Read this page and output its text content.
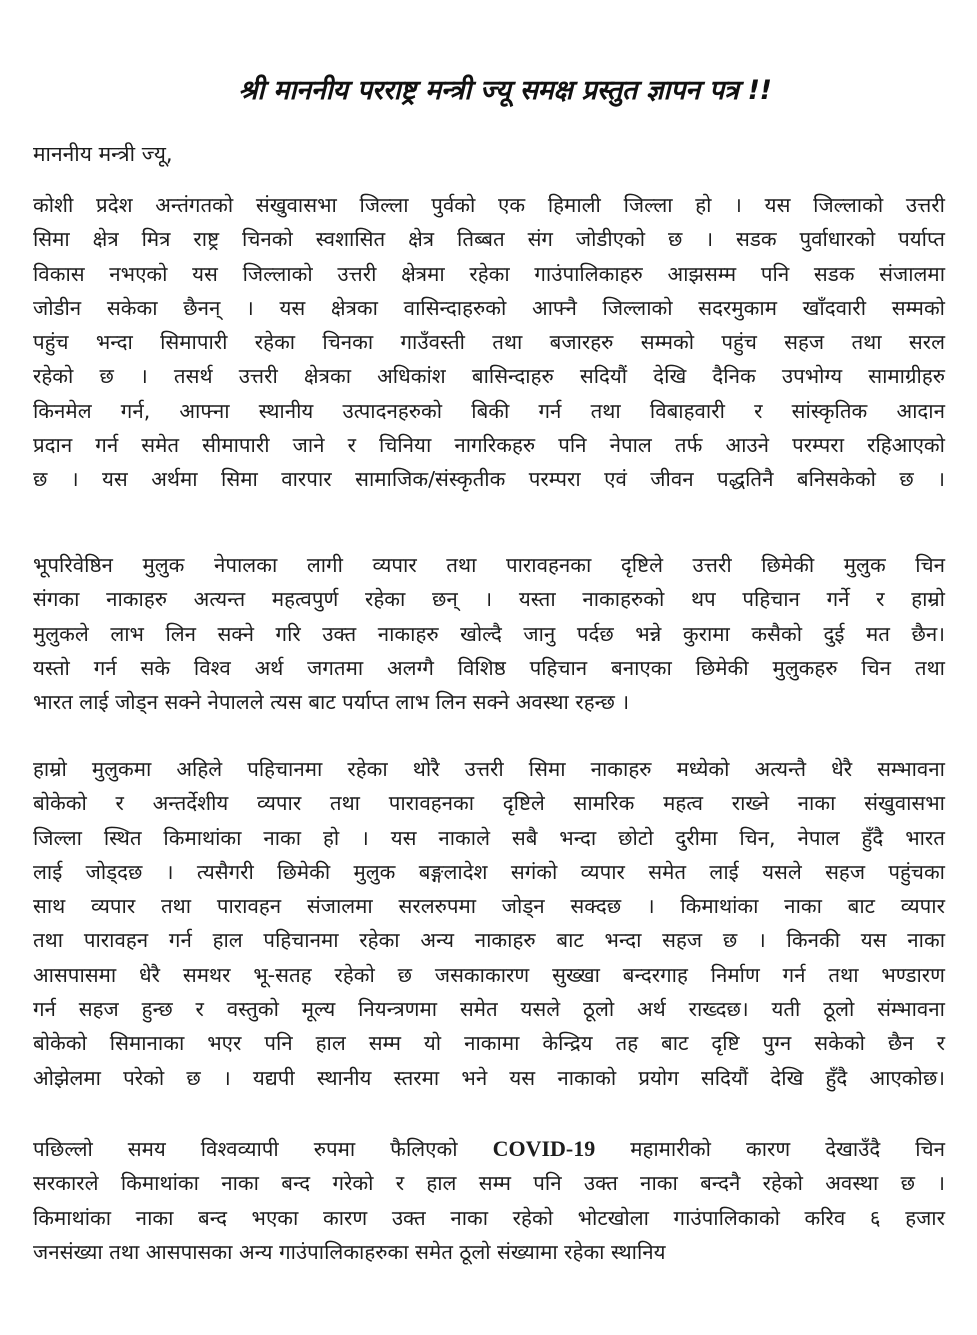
श्री माननीय परराष्ट्र मन्त्री ज्यू समक्ष प्रस्तुत ज्ञापन पत्र !!
माननीय मन्त्री ज्यू,
कोशी प्रदेश अन्तंगतको संखुवासभा जिल्ला पुर्वको एक हिमाली जिल्ला हो । यस जिल्लाको उत्तरी
सिमा क्षेत्र मित्र राष्ट्र चिनको स्वशासित क्षेत्र तिब्बत संग जोडीएको छ । सडक पुर्वाधारको पर्याप्त
विकास नभएको यस जिल्लाको उत्तरी क्षेत्रमा रहेका गाउंपालिकाहरु आझसम्म पनि सडक संजालमा
जोडीन सकेका छैनन् । यस क्षेत्रका वासिन्दाहरुको आफ्नै जिल्लाको सदरमुकाम खाँदवारी सम्मको
पहुंच भन्दा सिमापारी रहेका चिनका गाउँवस्ती तथा बजारहरु सम्मको पहुंच सहज तथा सरल
रहेको छ । तसर्थ उत्तरी क्षेत्रका अधिकांश बासिन्दाहरु सदियौं देखि दैनिक उपभोग्य सामाग्रीहरु
किनमेल गर्न, आफ्ना स्थानीय उत्पादनहरुको बिकी गर्न तथा विबाहवारी र सांस्कृतिक आदान
प्रदान गर्न समेत सीमापारी जाने र चिनिया नागरिकहरु पनि नेपाल तर्फ आउने परम्परा रहिआएको
छ । यस अर्थमा सिमा वारपार सामाजिक/संस्कृतीक परम्परा एवं जीवन पद्धतिनै बनिसकेको छ ।
भूपरिवेष्ठिन मुलुक नेपालका लागी व्यपार तथा पारावहनका दृष्टिले उत्तरी छिमेकी मुलुक चिन
संगका नाकाहरु अत्यन्त महत्वपुर्ण रहेका छन् । यस्ता नाकाहरुको थप पहिचान गर्ने र हाम्रो
मुलुकले लाभ लिन सक्ने गरि उक्त नाकाहरु खोल्दै जानु पर्दछ भन्ने कुरामा कसैको दुई मत छैन।
यस्तो गर्न सके विश्व अर्थ जगतमा अलग्गै विशिष्ठ पहिचान बनाएका छिमेकी मुलुकहरु चिन तथा
भारत लाई जोड्न सक्ने नेपालले त्यस बाट पर्याप्त लाभ लिन सक्ने अवस्था रहन्छ ।
हाम्रो मुलुकमा अहिले पहिचानमा रहेका थोरै उत्तरी सिमा नाकाहरु मध्येको अत्यन्तै धेरै सम्भावना
बोकेको र अन्तर्देशीय व्यपार तथा पारावहनका दृष्टिले सामरिक महत्व राख्ने नाका संखुवासभा
जिल्ला स्थित किमाथांका नाका हो । यस नाकाले सबै भन्दा छोटो दुरीमा चिन, नेपाल हुँदै भारत
लाई जोड्दछ । त्यसैगरी छिमेकी मुलुक बङ्गलादेश सगंको व्यपार समेत लाई यसले सहज पहुंचका
साथ व्यपार तथा पारावहन संजालमा सरलरुपमा जोड्न सक्दछ । किमाथांका नाका बाट व्यपार
तथा पारावहन गर्न हाल पहिचानमा रहेका अन्य नाकाहरु बाट भन्दा सहज छ । किनकी यस नाका
आसपासमा धेरै समथर भू-सतह रहेको छ जसकाकारण सुख्खा बन्दरगाह निर्माण गर्न तथा भण्डारण
गर्न सहज हुन्छ र वस्तुको मूल्य नियन्त्रणमा समेत यसले ठूलो अर्थ राख्दछ। यती ठूलो संम्भावना
बोकेको सिमानाका भएर पनि हाल सम्म यो नाकामा केन्द्रिय तह बाट दृष्टि पुग्न सकेको छैन र
ओझेलमा परेको छ । यद्यपी स्थानीय स्तरमा भने यस नाकाको प्रयोग सदियौं देखि हुँदै आएकोछ।
पछिल्लो समय विश्वव्यापी रुपमा फैलिएको COVID-19 महामारीको कारण देखाउँदै चिन
सरकारले किमाथांका नाका बन्द गरेको र हाल सम्म पनि उक्त नाका बन्दनै रहेको अवस्था छ ।
किमाथांका नाका बन्द भएका कारण उक्त नाका रहेको भोटखोला गाउंपालिकाको करिव ६ हजार
जनसंख्या तथा आसपासका अन्य गाउंपालिकाहरुका समेत ठूलो संख्यामा रहेका स्थानिय
